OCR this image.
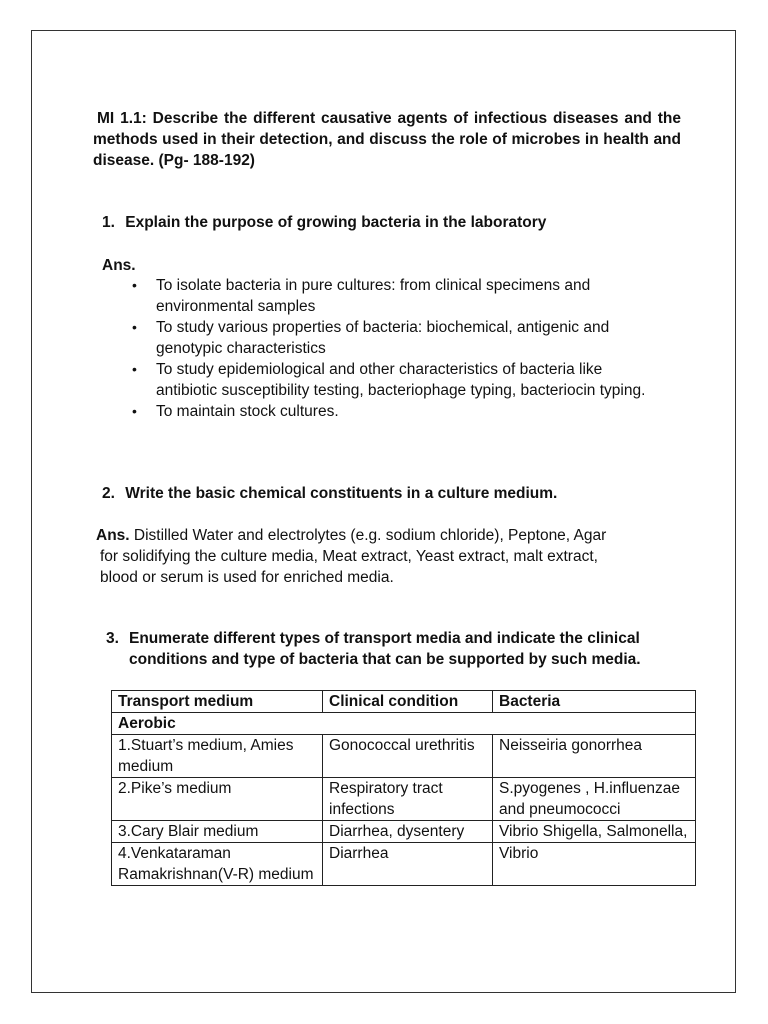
MI 1.1: Describe the different causative agents of infectious diseases and the methods used in their detection, and discuss the role of microbes in health and disease. (Pg- 188-192)
1. Explain the purpose of growing bacteria in the laboratory
Ans.
• To isolate bacteria in pure cultures: from clinical specimens and environmental samples
• To study various properties of bacteria: biochemical, antigenic and genotypic characteristics
• To study epidemiological and other characteristics of bacteria like antibiotic susceptibility testing, bacteriophage typing, bacteriocin typing.
• To maintain stock cultures.
2. Write the basic chemical constituents in a culture medium.
Ans. Distilled Water and electrolytes (e.g. sodium chloride), Peptone, Agar
for solidifying the culture media, Meat extract, Yeast extract, malt extract,
blood or serum is used for enriched media.
3. Enumerate different types of transport media and indicate the clinical conditions and type of bacteria that can be supported by such media.
Transport medium	Clinical condition	Bacteria
Aerobic		
1.Stuart’s medium, Amies medium	Gonococcal urethritis	Neisseiria gonorrhea
2.Pike’s medium	Respiratory tract infections	S.pyogenes , H.influenzae and pneumococci
3.Cary Blair medium	Diarrhea, dysentery	Vibrio Shigella, Salmonella,
4.Venkataraman Ramakrishnan(V-R) medium	Diarrhea	Vibrio
